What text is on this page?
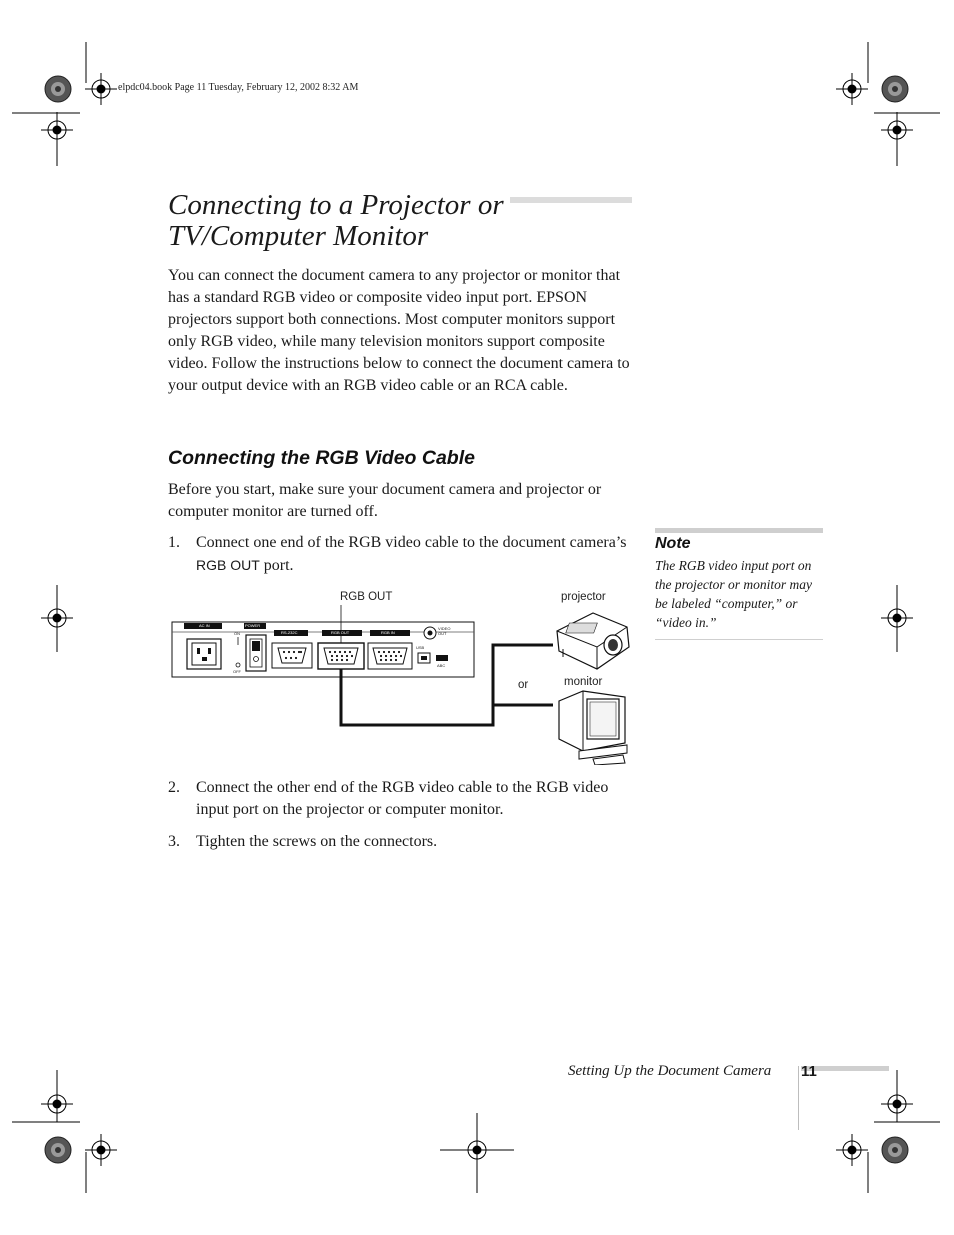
elpdc04.book Page 11 Tuesday, February 12, 2002 8:32 AM
Connecting to a Projector or
TV/Computer Monitor

You can connect the document camera to any projector or monitor that has a standard RGB video or composite video input port. EPSON projectors support both connections. Most computer monitors support only RGB video, while many television monitors support composite video. Follow the instructions below to connect the document camera to your output device with an RGB video cable or an RCA cable.

Connecting the RGB Video Cable

Before you start, make sure your document camera and projector or computer monitor are turned off.

1. Connect one end of the RGB video cable to the document camera’s RGB OUT port.
Note
The RGB video input port on the projector or monitor may be labeled “computer,” or “video in.”
RGB OUT	projector
or	monitor
AC IN	POWER
ON
OFF
RS-232C	RGB OUT	RGB IN
VIDEO OUT
USB
ABC
2. Connect the other end of the RGB video cable to the RGB video input port on the projector or computer monitor.
3. Tighten the screws on the connectors.
Setting Up the Document Camera 11
